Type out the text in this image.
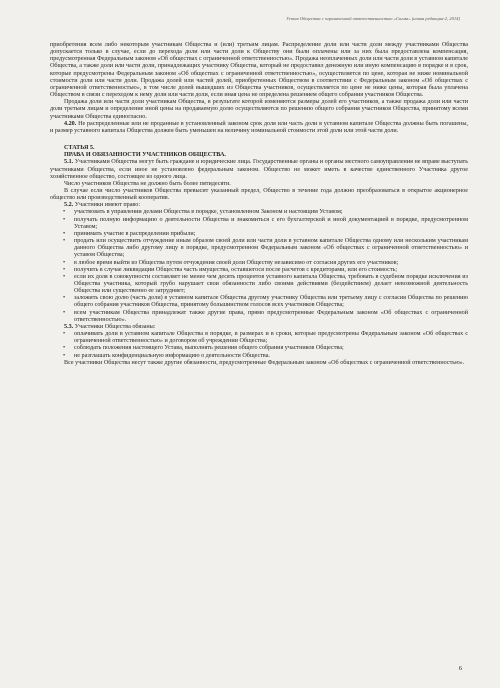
Устав Общества с ограниченной ответственностью «Сигма» (новая редакция-2, 2014)

приобретения всем либо некоторым участникам Общества и (или) третьим лицам. Распределение доли или части доли между участниками Общества допускается только в случае, если до перехода доли или части доли к Обществу они были оплачены или за них была предоставлена компенсация, предусмотренная Федеральным законом «Об обществах с ограниченной ответственностью». Продажа неоплаченных доли или части доли в уставном капитале Общества, а также доли или части доли, принадлежащих участнику Общества, который не предоставил денежную или иную компенсацию в порядке и в срок, которые предусмотрены Федеральным законом «Об обществах с ограниченной ответственностью», осуществляется по цене, которая не ниже номинальной стоимости доли или части доли. Продажа долей или частей долей, приобретенных Обществом в соответствии с Федеральным законом «Об обществах с ограниченной ответственностью», в том числе долей вышедших из Общества участников, осуществляется по цене не ниже цены, которая была уплачена Обществом в связи с переходом к нему доли или части доли, если иная цена не определена решением общего собрания участников Общества.

Продажа доли или части доли участникам Общества, в результате которой изменяются размеры долей его участников, а также продажа доли или части доли третьим лицам и определение иной цены на продаваемую долю осуществляются по решению общего собрания участников Общества, принятому всеми участниками Общества единогласно.

4.20. Не распределенные или не проданные в установленный законом срок доля или часть доли в уставном капитале Общества должны быть погашены, и размер уставного капитала Общества должен быть уменьшен на величину номинальной стоимости этой доли или этой части доли.

СТАТЬЯ 5.

ПРАВА И ОБЯЗАННОСТИ УЧАСТНИКОВ ОБЩЕСТВА.

5.1. Участниками Общества могут быть граждане и юридические лица. Государственные органы и органы местного самоуправления не вправе выступать участниками Общества, если иное не установлено федеральным законом. Общество не может иметь в качестве единственного Участника другое хозяйственное общество, состоящее из одного лица.

Число участников Общества не должно быть более пятидесяти.

В случае если число участников Общества превысит указанный предел, Общество в течение года должно преобразоваться в открытое акционерное общество или производственный кооператив.

5.2. Участники имеют право:

• участвовать в управлении делами Общества в порядке, установленном Законом и настоящим Уставом;
• получать полную информацию о деятельности Общества и знакомиться с его бухгалтерской и иной документацией в порядке, предусмотренном Уставом;
• принимать участие в распределении прибыли;
• продать или осуществить отчуждение иным образом своей доли или части доли в уставном капитале Общества одному или нескольким участникам данного Общества либо другому лицу в порядке, предусмотренном Федеральным законом «Об обществах с ограниченной ответственностью» и уставом Общества;
• в любое время выйти из Общества путем отчуждения своей доли Обществу независимо от согласия других его участников;
• получить в случае ликвидации Общества часть имущества, оставшегося после расчетов с кредиторами, или его стоимость;
• если их доля в совокупности составляет не менее чем десять процентов уставного капитала Общества, требовать в судебном порядке исключения из Общества участника, который грубо нарушает свои обязанности либо своими действиями (бездействием) делает невозможной деятельность Общества или существенно ее затрудняет;
• заложить свою долю (часть доли) в уставном капитале Общества другому участнику Общества или третьему лицу с согласия Общества по решению общего собрания участников Общества, принятому большинством голосов всех участников Общества;
• всем участникам Общества принадлежат также другие права, прямо предусмотренные Федеральным законом «Об обществах с ограниченной ответственностью».

5.3. Участники Общества обязаны:

• оплачивать доли в уставном капитале Общества в порядке, в размерах и в сроки, которые предусмотрены Федеральным законом «Об обществах с ограниченной ответственностью» и договором об учреждении Общества;
• соблюдать положения настоящего Устава, выполнять решения общего собрания участников Общества;
• не разглашать конфиденциальную информацию о деятельности Общества.

Все участники Общества несут также другие обязанности, предусмотренные Федеральным законом «Об обществах с ограниченной ответственностью».

6
